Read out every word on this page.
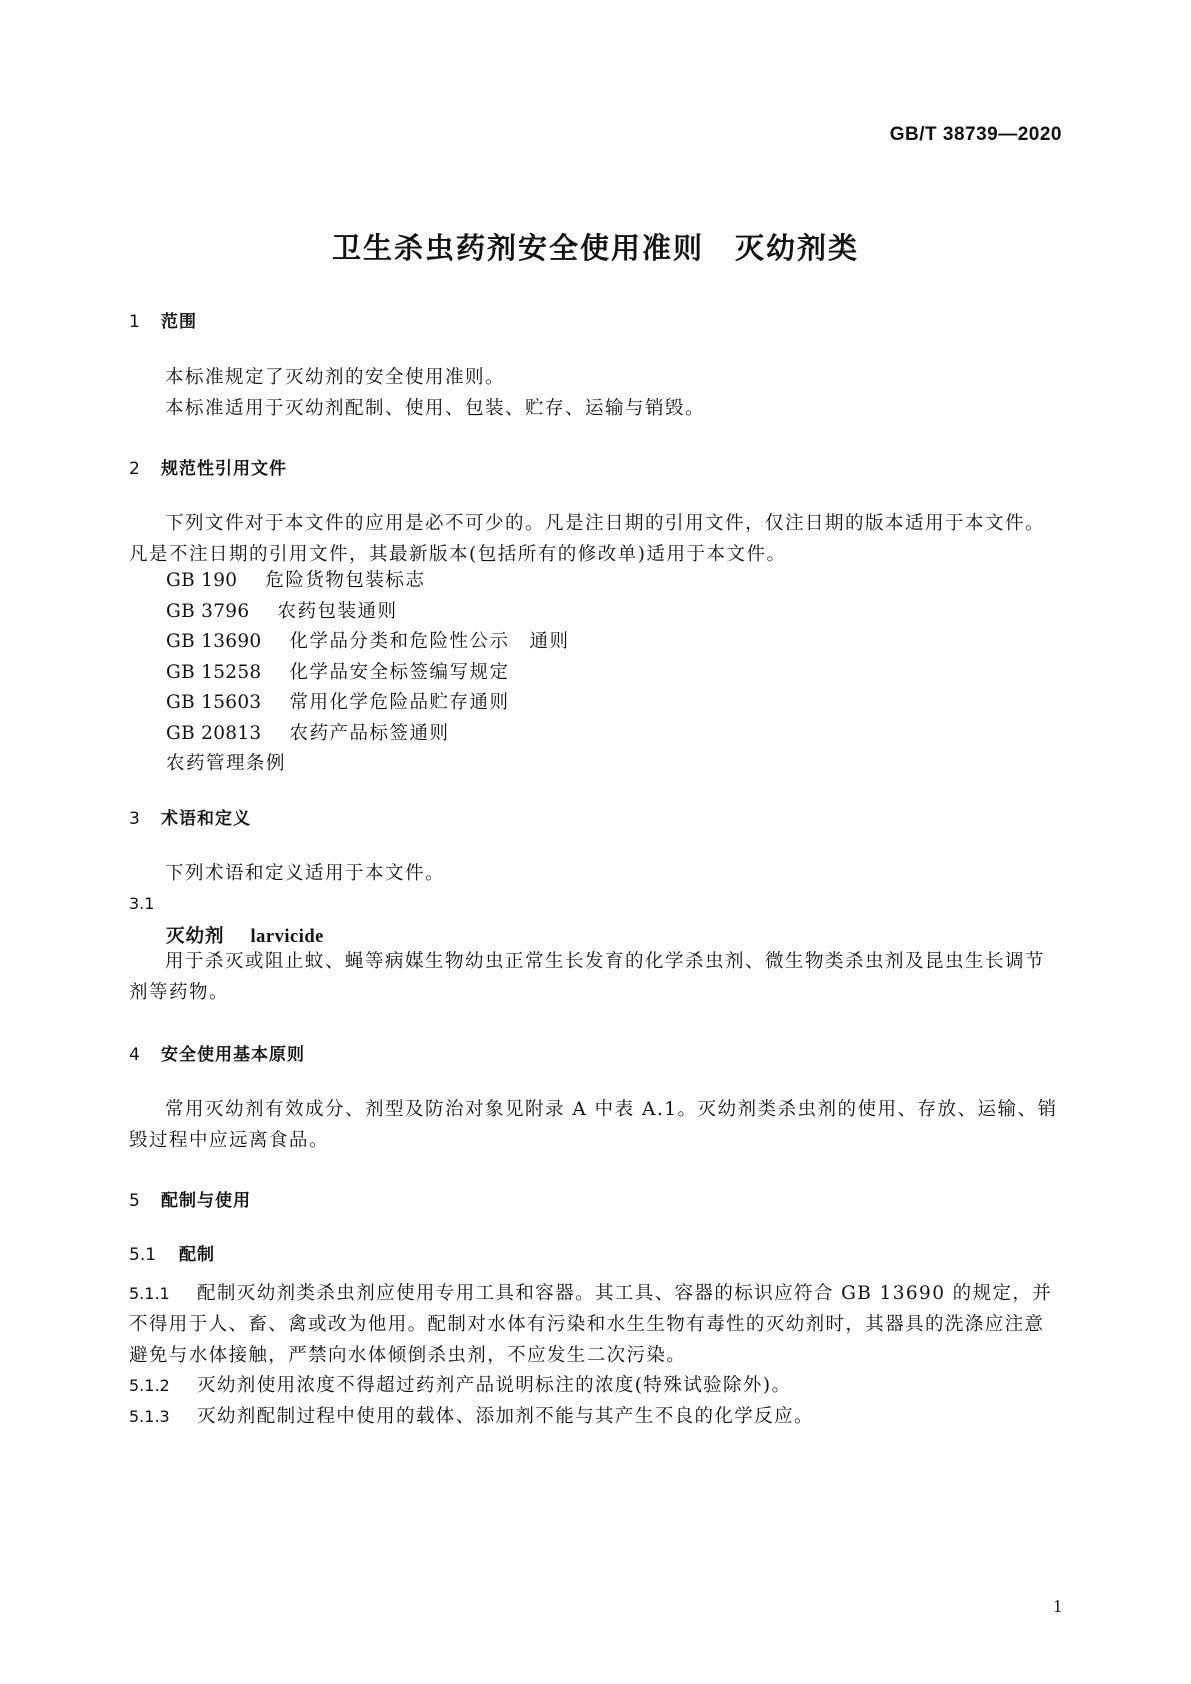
GB/T 38739—2020
卫生杀虫药剂安全使用准则　灭幼剂类
1 范围

本标准规定了灭幼剂的安全使用准则。

本标准适用于灭幼剂配制、使用、包装、贮存、运输与销毁。

2 规范性引用文件
下列文件对于本文件的应用是必不可少的。凡是注日期的引用文件，仅注日期的版本适用于本文件。凡是不注日期的引用文件，其最新版本(包括所有的修改单)适用于本文件。
GB 190 危险货物包装标志
GB 3796 农药包装通则
GB 13690 化学品分类和危险性公示　通则
GB 15258 化学品安全标签编写规定
GB 15603 常用化学危险品贮存通则
GB 20813 农药产品标签通则
农药管理条例
3 术语和定义
下列术语和定义适用于本文件。
3.1
灭幼剂 larvicide
用于杀灭或阻止蚊、蝇等病媒生物幼虫正常生长发育的化学杀虫剂、微生物类杀虫剂及昆虫生长调节剂等药物。
4 安全使用基本原则
常用灭幼剂有效成分、剂型及防治对象见附录 A 中表 A.1。灭幼剂类杀虫剂的使用、存放、运输、销毁过程中应远离食品。
5 配制与使用
5.1 配制
5.1.1 配制灭幼剂类杀虫剂应使用专用工具和容器。其工具、容器的标识应符合 GB 13690 的规定，并不得用于人、畜、禽或改为他用。配制对水体有污染和水生生物有毒性的灭幼剂时，其器具的洗涤应注意避免与水体接触，严禁向水体倾倒杀虫剂，不应发生二次污染。
5.1.2 灭幼剂使用浓度不得超过药剂产品说明标注的浓度(特殊试验除外)。
5.1.3 灭幼剂配制过程中使用的载体、添加剂不能与其产生不良的化学反应。
1
